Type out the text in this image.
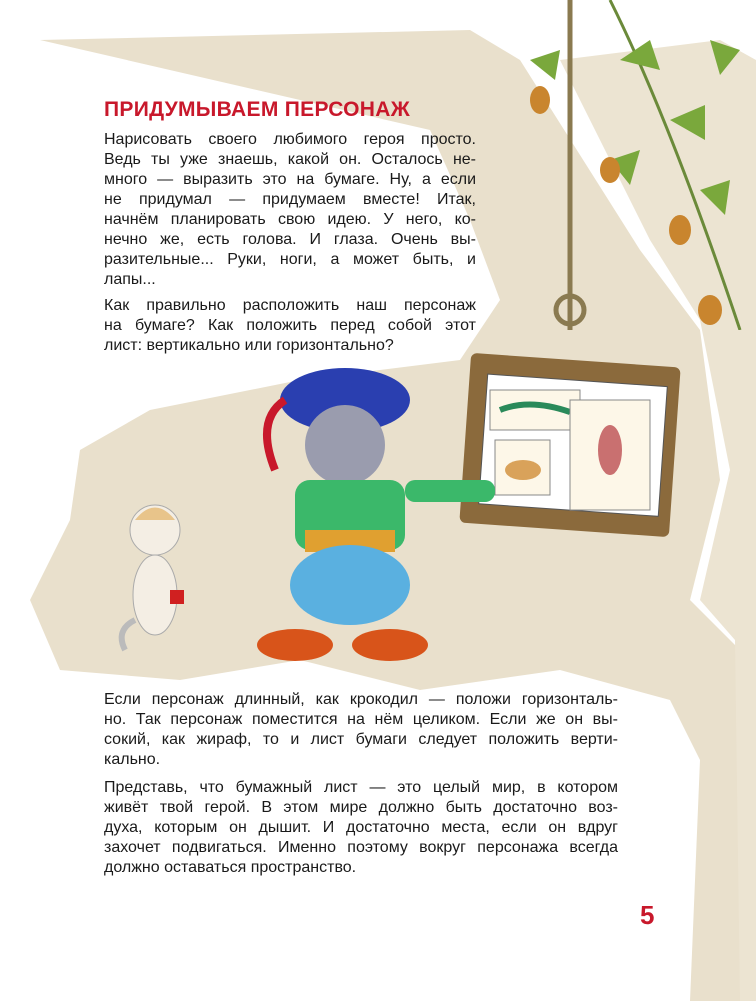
ПРИДУМЫВАЕМ ПЕРСОНАЖ
Нарисовать своего любимого героя просто.
Ведь ты уже знаешь, какой он. Осталось не-
много — выразить это на бумаге. Ну, а если
не придумал — придумаем вместе! Итак,
начнём планировать свою идею. У него, ко-
нечно же, есть голова. И глаза. Очень вы-
разительные... Руки, ноги, а может быть, и
лапы...
Как правильно расположить наш персонаж
на бумаге? Как положить перед собой этот
лист: вертикально или горизонтально?
Если персонаж длинный, как крокодил — положи горизонталь-
но. Так персонаж поместится на нём целиком. Если же он вы-
сокий, как жираф, то и лист бумаги следует положить верти-
кально.
Представь, что бумажный лист — это целый мир, в котором
живёт твой герой. В этом мире должно быть достаточно воз-
духа, которым он дышит. И достаточно места, если он вдруг
захочет подвигаться. Именно поэтому вокруг персонажа всегда
должно оставаться пространство.
5
